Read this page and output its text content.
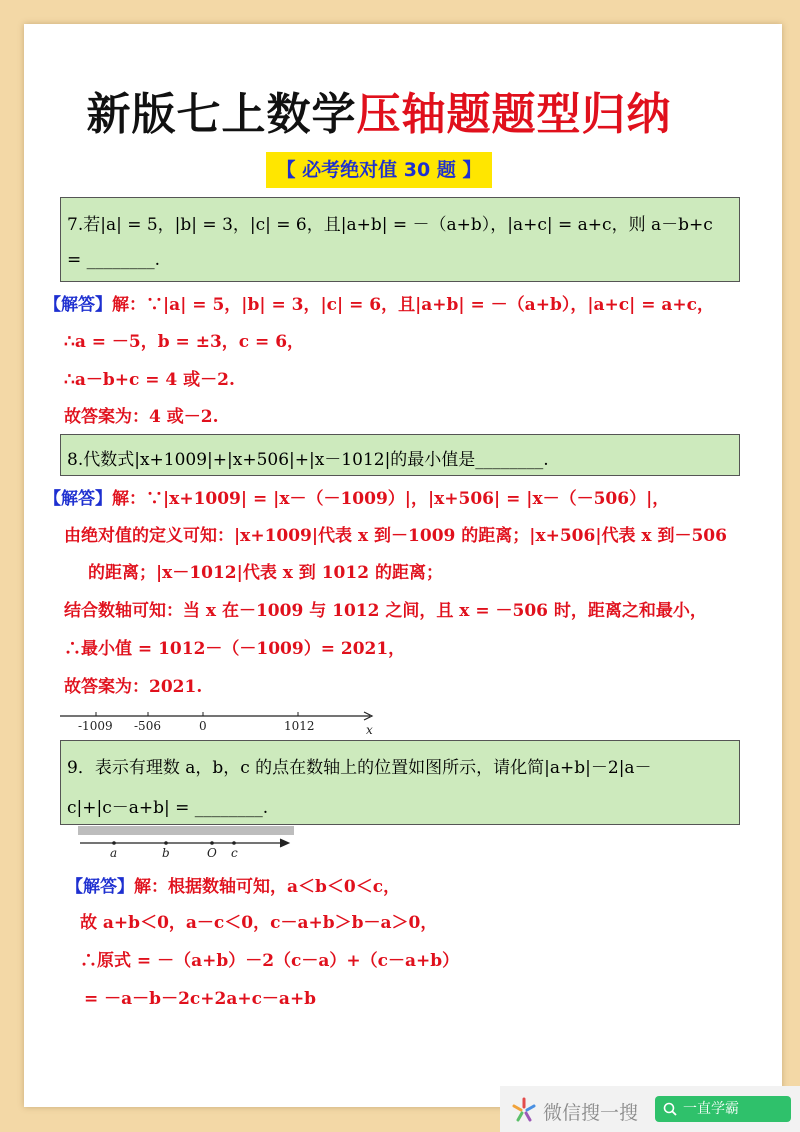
新版七上数学压轴题题型归纳
【 必考绝对值 30 题 】

7.若|a| = 5，|b| = 3，|c| = 6，且|a+b| = －（a+b），|a+c| = a+c，则 a－b+c

= ________.

【解答】解：∵|a| = 5，|b| = 3，|c| = 6，且|a+b| = －（a+b），|a+c| = a+c，
∴a = －5，b = ±3，c = 6，
∴a－b+c = 4 或－2.
故答案为：4 或－2.

8.代数式|x+1009|+|x+506|+|x－1012|的最小值是________.

【解答】解：∵|x+1009| = |x－（－1009）|，|x+506| = |x－（－506）|，
由绝对值的定义可知：|x+1009|代表 x 到－1009 的距离；|x+506|代表 x 到－506
的距离；|x－1012|代表 x 到 1012 的距离；
结合数轴可知：当 x 在－1009 与 1012 之间，且 x = －506 时，距离之和最小，
∴最小值 = 1012－（－1009）= 2021，
故答案为：2021.
-1009 -506	0	1012	x

9．表示有理数 a，b，c 的点在数轴上的位置如图所示，请化简|a+b|－2|a－

c|+|c－a+b| = ________.

a	b	O c
【解答】解：根据数轴可知，a＜b＜0＜c，
故 a+b＜0，a－c＜0，c－a+b＞b－a＞0，
∴原式 = －（a+b）－2（c－a）+（c－a+b）
= －a－b－2c+2a+c－a+b
微信搜一搜	一直学霸
